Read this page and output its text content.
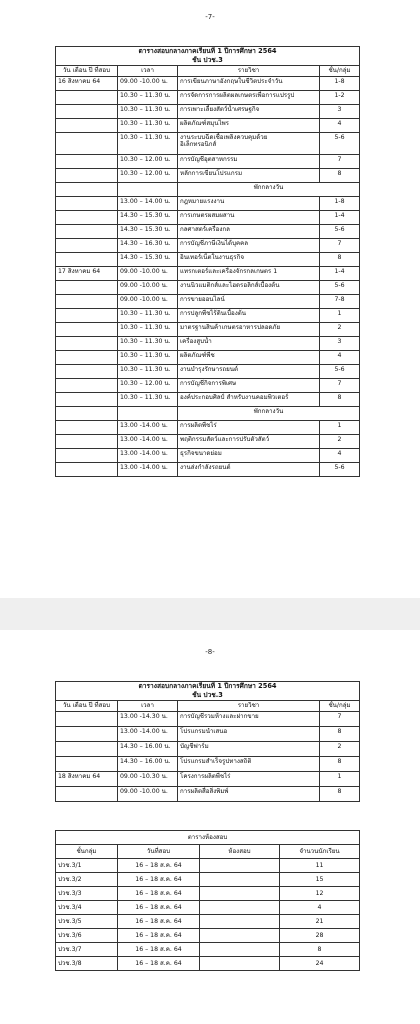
-7-
ตารางสอบกลางภาคเรียนที่ 1 ปีการศึกษา 2564			
ชั้น ปวช.3			
วัน เดือน ปี ที่สอบ	เวลา	รายวิชา	ชั้น/กลุ่ม
16 สิงหาคม 64	09.00 -10.00 น.	การเขียนภาษาอังกฤษในชีวิตประจำวัน	1-8
	10.30 – 11.30 น.	การจัดการการผลิตผลเกษตรเพื่อการแปรรูป	1-2
	10.30 – 11.30 น.	การเพาะเลี้ยงสัตว์น้ำเศรษฐกิจ	3
	10.30 – 11.30 น.	ผลิตภัณฑ์สมุนไพร	4
	10.30 – 11.30 น.	งานระบบฉีดเชื้อเพลิงควบคุมด้วย
อิเล็กทรอนิกส์	5-6
	10.30 – 12.00 น.	การบัญชีอุตสาหกรรม	7
	10.30 – 12.00 น.	หลักการเขียนโปรแกรม	8
		พักกลางวัน	
	13.00 – 14.00 น.	กฎหมายแรงงาน	1-8
	14.30 – 15.30 น.	การเกษตรผสมผสาน	1-4
	14.30 – 15.30 น.	กลศาสตร์เครื่องกล	5-6
	14.30 – 16.30 น.	การบัญชีภาษีเงินได้บุคคล	7
	14.30 – 15.30 น.	อินเทอร์เน็ตในงานธุรกิจ	8
17 สิงหาคม 64	09.00 -10.00 น.	แทรกเตอร์และเครื่องจักรกลเกษตร 1	1-4
	09.00 -10.00 น.	งานนิวแมติกส์และไฮดรอลิกส์เบื้องต้น	5-6
	09.00 -10.00 น.	การขายออนไลน์	7-8
	10.30 – 11.30 น.	การปลูกพืชไร้ดินเบื้องต้น	1
	10.30 – 11.30 น.	มาตรฐานสินค้าเกษตรอาหารปลอดภัย	2
	10.30 – 11.30 น.	เครื่องสูบน้ำ	3
	10.30 – 11.30 น.	ผลิตภัณฑ์พืช	4
	10.30 – 11.30 น.	งานบำรุงรักษารถยนต์	5-6
	10.30 – 12.00 น.	การบัญชีกิจการพิเศษ	7
	10.30 – 11.30 น.	องค์ประกอบศิลป์ สำหรับงานคอมพิวเตอร์	8
		พักกลางวัน	
	13.00 -14.00 น.	การผลิตพืชไร่	1
	13.00 -14.00 น.	พฤติกรรมสัตว์และการปรับตัวสัตว์	2
	13.00 -14.00 น.	ธุรกิจขนาดย่อม	4
	13.00 -14.00 น.	งานส่งกำลังรถยนต์	5-6
-8-
ตารางสอบกลางภาคเรียนที่ 1 ปีการศึกษา 2564			
ชั้น ปวช.3			
วัน เดือน ปี ที่สอบ	เวลา	รายวิชา	ชั้น/กลุ่ม
	13.00 -14.30 น.	การบัญชีรวมห้างและฝากขาย	7
	13.00 -14.00 น.	โปรแกรมนำเสนอ	8
	14.30 – 16.00 น.	บัญชีฟาร์ม	2
	14.30 – 16.00 น.	โปรแกรมสำเร็จรูปทางสถิติ	8
18 สิงหาคม 64	09.00 -10.30 น.	โครงการผลิตพืชไร่	1
	09.00 -10.00 น.	การผลิตสื่อสิ่งพิมพ์	8
ตารางห้องสอบ			
ชั้นกลุ่ม	วันที่สอบ	ห้องสอบ	จำนวนนักเรียน
ปวช.3/1	16 – 18 ส.ค. 64		11
ปวช.3/2	16 – 18 ส.ค. 64		15
ปวช.3/3	16 – 18 ส.ค. 64		12
ปวช.3/4	16 – 18 ส.ค. 64		4
ปวช.3/5	16 – 18 ส.ค. 64		21
ปวช.3/6	16 – 18 ส.ค. 64		28
ปวช.3/7	16 – 18 ส.ค. 64		8
ปวช.3/8	16 – 18 ส.ค. 64		24
